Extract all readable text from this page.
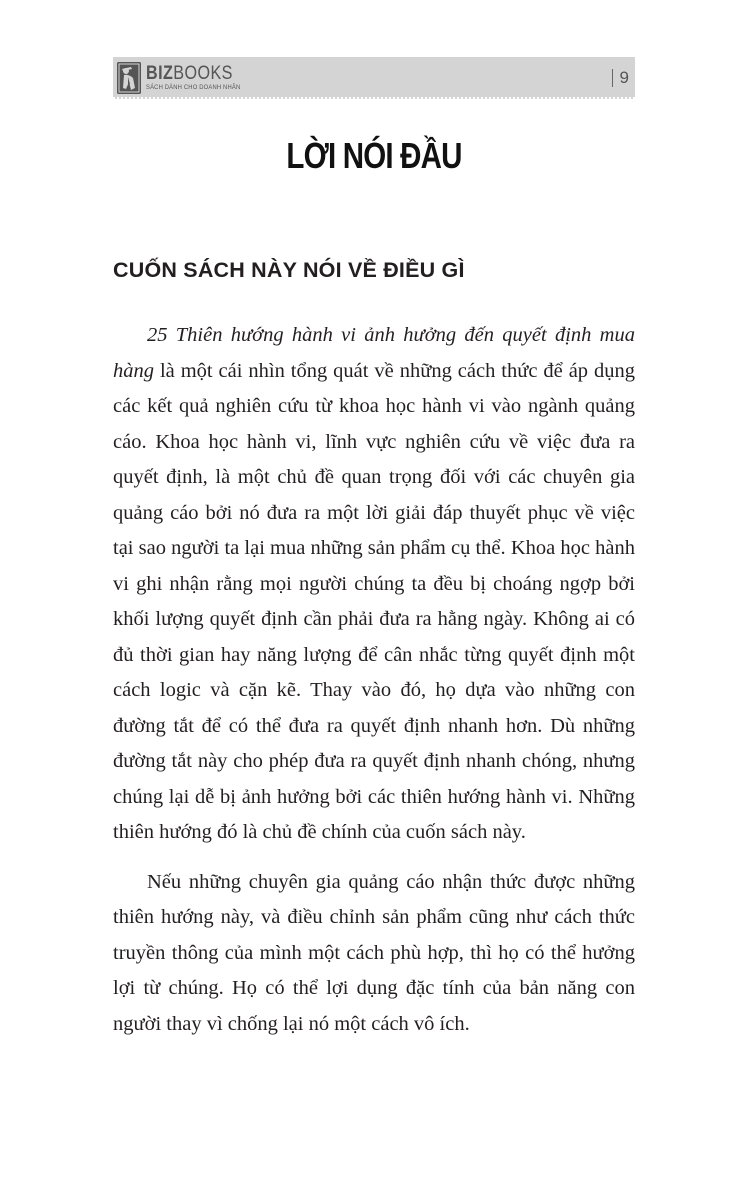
BIZBOOKS
SÁCH DÀNH CHO DOANH NHÂN
9
LỜI NÓI ĐẦU
CUỐN SÁCH NÀY NÓI VỀ ĐIỀU GÌ

25 Thiên hướng hành vi ảnh hưởng đến quyết định mua hàng là một cái nhìn tổng quát về những cách thức để áp dụng các kết quả nghiên cứu từ khoa học hành vi vào ngành quảng cáo. Khoa học hành vi, lĩnh vực nghiên cứu về việc đưa ra quyết định, là một chủ đề quan trọng đối với các chuyên gia quảng cáo bởi nó đưa ra một lời giải đáp thuyết phục về việc tại sao người ta lại mua những sản phẩm cụ thể. Khoa học hành vi ghi nhận rằng mọi người chúng ta đều bị choáng ngợp bởi khối lượng quyết định cần phải đưa ra hằng ngày. Không ai có đủ thời gian hay năng lượng để cân nhắc từng quyết định một cách logic và cặn kẽ. Thay vào đó, họ dựa vào những con đường tắt để có thể đưa ra quyết định nhanh hơn. Dù những đường tắt này cho phép đưa ra quyết định nhanh chóng, nhưng chúng lại dễ bị ảnh hưởng bởi các thiên hướng hành vi. Những thiên hướng đó là chủ đề chính của cuốn sách này.

Nếu những chuyên gia quảng cáo nhận thức được những thiên hướng này, và điều chỉnh sản phẩm cũng như cách thức truyền thông của mình một cách phù hợp, thì họ có thể hưởng lợi từ chúng. Họ có thể lợi dụng đặc tính của bản năng con người thay vì chống lại nó một cách vô ích.
